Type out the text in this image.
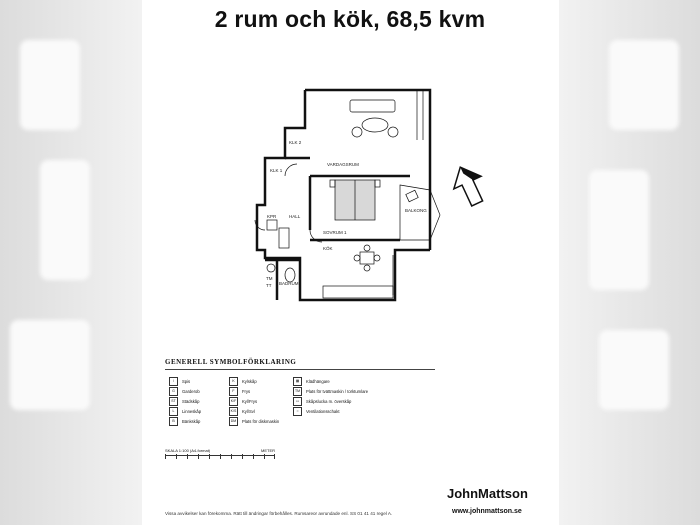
2 rum och kök, 68,5 kvm
VARDAGSRUM
SOVRUM 1
KÖK
HALL
KPR
KLK 1
KLK 2
BALKONG
BADRUM
TM
TT
GENERELL SYMBOLFÖRKLARING
/	Spis
G	Garderob
ST	Städskåp
L	Linneskåp
B	Bänkskåp
K	Kylskåp
F	Frys
K/F	Kyl/Frys
K/S	Kyl/Svl
DM	Plats för diskmaskin
▦	Klädhängare
TM	Plats för tvättmaskin / torktumlare
▭	Skåpslucka m. överskåp
○	Ventilationsschakt
SKALA 1:100 (A4-format)	METER
JohnMattson
www.johnmattson.se
Vissa avvikelser kan förekomma. Rätt till ändringar förbehålles. Rumsareor avrundade enl. SS 01 41 41 regel A.
